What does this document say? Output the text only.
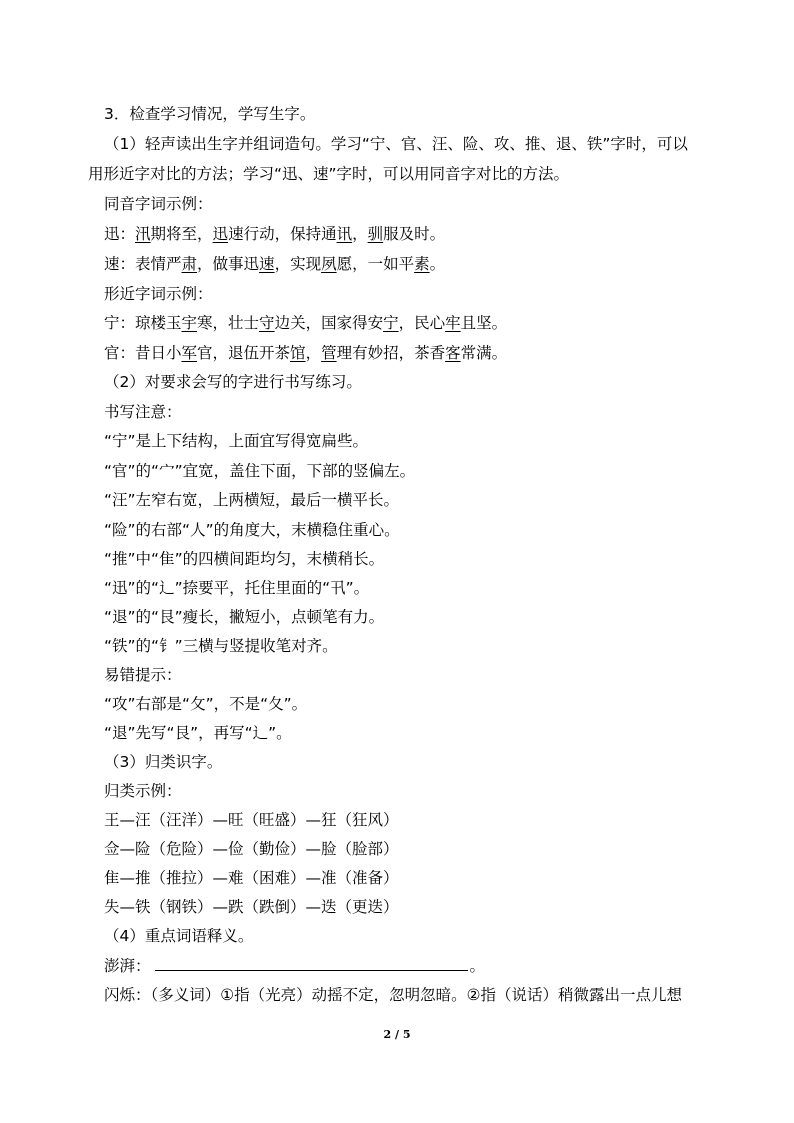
3．检查学习情况，学写生字。
（1）轻声读出生字并组词造句。学习“宁、官、汪、险、攻、推、退、铁”字时，可以
用形近字对比的方法；学习“迅、速”字时，可以用同音字对比的方法。
同音字词示例：
迅：汛期将至，迅速行动，保持通讯，驯服及时。
速：表情严肃，做事迅速，实现夙愿，一如平素。
形近字词示例：
宁：琼楼玉宇寒，壮士守边关，国家得安宁，民心牢且坚。
官：昔日小军官，退伍开茶馆，管理有妙招，茶香客常满。
（2）对要求会写的字进行书写练习。
书写注意：
“宁”是上下结构，上面宜写得宽扁些。
“官”的“宀”宜宽，盖住下面，下部的竖偏左。
“汪”左窄右宽，上两横短，最后一横平长。
“险”的右部“人”的角度大，末横稳住重心。
“推”中“隹”的四横间距均匀，末横稍长。
“迅”的“辶”捺要平，托住里面的“卂”。
“退”的“艮”瘦长，撇短小，点顿笔有力。
“铁”的“钅”三横与竖提收笔对齐。
易错提示：
“攻”右部是“攵”，不是“夂”。
“退”先写“艮”，再写“辶”。
（3）归类识字。
归类示例：
王—汪（汪洋）—旺（旺盛）—狂（狂风）
佥—险（危险）—俭（勤俭）—脸（脸部）
隹—推（推拉）—难（困难）—准（准备）
失—铁（钢铁）—跌（跌倒）—迭（更迭）
（4）重点词语释义。
澎湃：	。
闪烁：（多义词）①指（光亮）动摇不定，忽明忽暗。②指（说话）稍微露出一点儿想
2 / 5
